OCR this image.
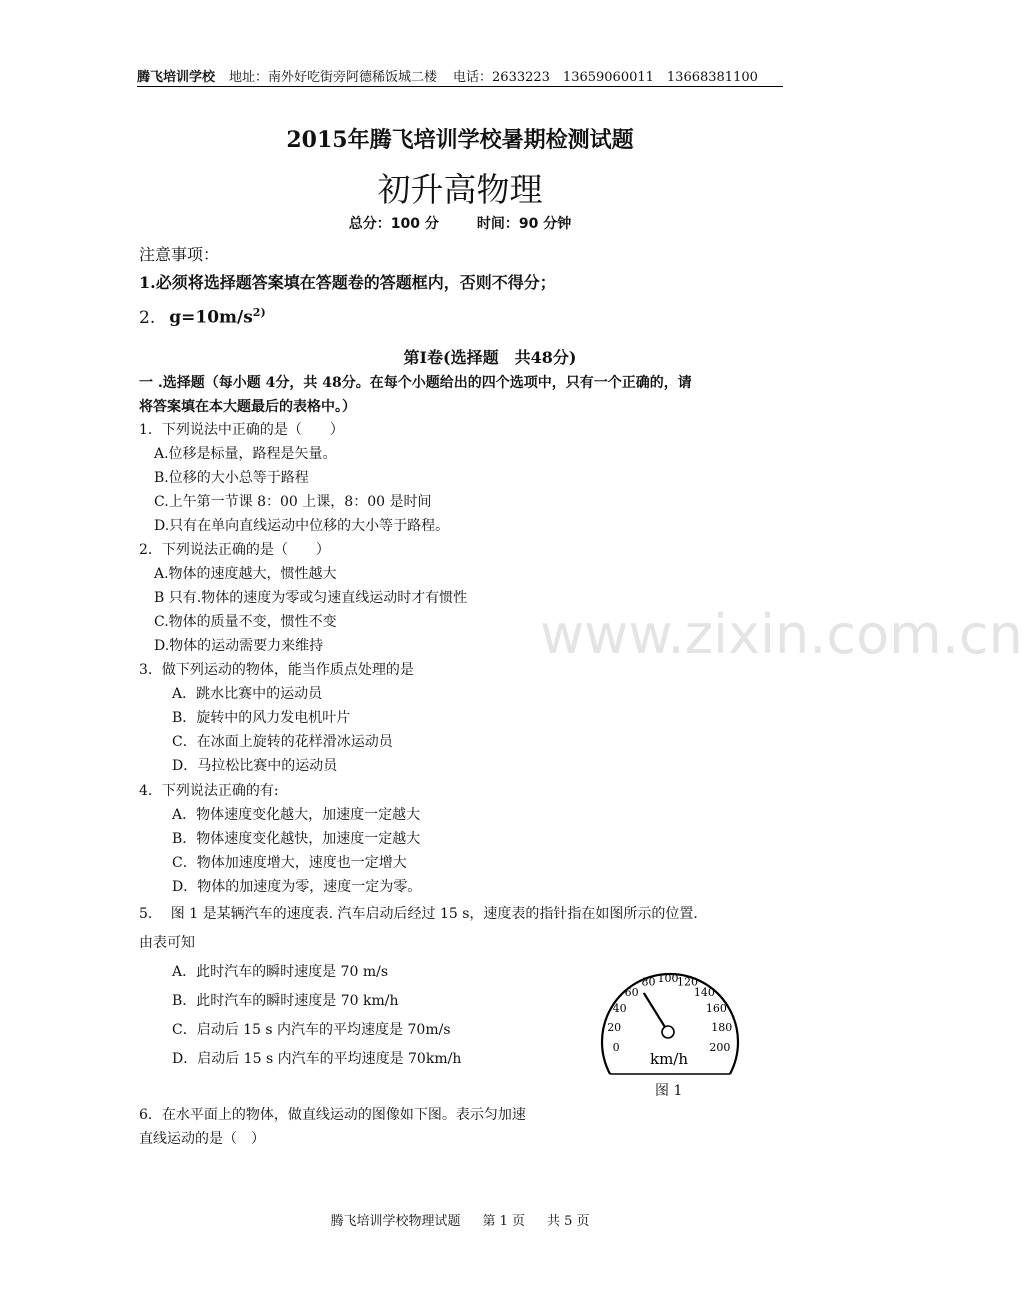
腾飞培训学校 地址：南外好吃街旁阿德稀饭城二楼 电话：2633223　13659060011　13668381100
2015年腾飞培训学校暑期检测试题
初升高物理
总分：100 分	时间：90 分钟
注意事项：
1.必须将选择题答案填在答题卷的答题框内，否则不得分；
2. $g=10m/s^{2)}$
第Ⅰ卷(选择题　共48分)
一 .选择题（每小题 4分，共 48分。在每个小题给出的四个选项中，只有一个正确的，请
将答案填在本大题最后的表格中。）
1．下列说法中正确的是（　　）
A.位移是标量，路程是矢量。
B.位移的大小总等于路程
C.上午第一节课 8：00 上课，8：00 是时间
D.只有在单向直线运动中位移的大小等于路程。
2．下列说法正确的是（　　）
A.物体的速度越大，惯性越大
B 只有.物体的速度为零或匀速直线运动时才有惯性
C.物体的质量不变，惯性不变
D.物体的运动需要力来维持
3．做下列运动的物体，能当作质点处理的是
A．跳水比赛中的运动员
B．旋转中的风力发电机叶片
C．在冰面上旋转的花样滑冰运动员
D．马拉松比赛中的运动员
4．下列说法正确的有:
A．物体速度变化越大，加速度一定越大
B．物体速度变化越快，加速度一定越大
C．物体加速度增大，速度也一定增大
D．物体的加速度为零，速度一定为零。
5.　 图 1 是某辆汽车的速度表. 汽车启动后经过 15 s，速度表的指针指在如图所示的位置.
由表可知
A．此时汽车的瞬时速度是 70 m/s
B．此时汽车的瞬时速度是 70 km/h
C．启动后 15 s 内汽车的平均速度是 70m/s
D．启动后 15 s 内汽车的平均速度是 70km/h
0
20
40
60
80 100
120
140
160
180
200
km/h
图 1
6．在水平面上的物体，做直线运动的图像如下图。表示匀加速
直线运动的是（　）
www.zixin.com.cn
腾飞培训学校物理试题 第 1 页 共 5 页
